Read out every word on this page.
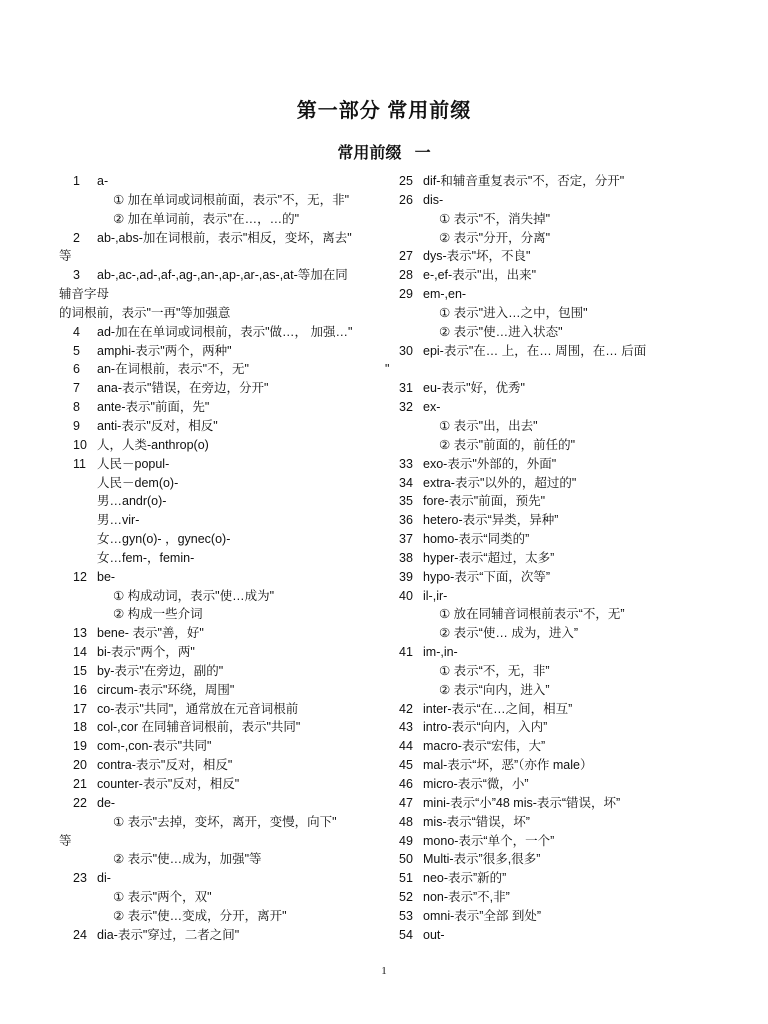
第一部分 常用前缀
常用前缀   一
1 a-
① 加在单词或词根前面，表示"不，无，非"
② 加在单词前，表示"在…，…的"
2 ab-,abs-加在词根前，表示"相反，变坏，离去"
等
3 ab-,ac-,ad-,af-,ag-,an-,ap-,ar-,as-,at-等加在同
辅音字母
的词根前，表示"一再"等加强意
4 ad-加在在单词或词根前，表示"做…， 加强…"
5 amphi-表示"两个，两种"
6 an-在词根前，表示"不，无"
7 ana-表示"错误，在旁边，分开"
8 ante-表示"前面，先"
9 anti-表示"反对，相反"
10 人，人类-anthrop(o)
11 人民－popul-
人民－dem(o)-
男…andr(o)-
男…vir-
女…gyn(o)- ，gynec(o)-
女…fem-，femin-
12 be-
① 构成动词，表示"使…成为"
② 构成一些介词
13 bene- 表示"善，好"
14 bi-表示"两个，两"
15 by-表示"在旁边，副的"
16 circum-表示"环绕，周围"
17 co-表示"共同"，通常放在元音词根前
18 col-,cor 在同辅音词根前，表示"共同"
19 com-,con-表示"共同"
20 contra-表示"反对，相反"
21 counter-表示"反对，相反"
22 de-
① 表示"去掉，变坏，离开，变慢，向下"
等
② 表示"使…成为，加强"等
23 di-
① 表示"两个，双"
② 表示"使…变成，分开，离开"
24 dia-表示"穿过，二者之间"
25 dif-和辅音重复表示"不，否定，分开"
26 dis-
① 表示"不，消失掉"
② 表示"分开，分离"
27 dys-表示"坏，不良"
28 e-,ef-表示"出，出来"
29 em-,en-
① 表示"进入…之中，包围"
② 表示"使…进入状态"
30 epi-表示"在… 上，在… 周围，在… 后面
"
31 eu-表示"好，优秀"
32 ex-
① 表示"出，出去"
② 表示"前面的，前任的"
33 exo-表示"外部的，外面"
34 extra-表示"以外的，超过的"
35 fore-表示"前面，预先"
36 hetero-表示“异类，异种”
37 homo-表示“同类的”
38 hyper-表示“超过，太多”
39 hypo-表示“下面，次等”
40 il-,ir-
① 放在同辅音词根前表示“不，无”
② 表示“使… 成为，进入”
41 im-,in-
① 表示“不，无，非”
② 表示“向内，进入”
42 inter-表示“在…之间，相互”
43 intro-表示“向内，入内”
44 macro-表示“宏伟，大”
45 mal-表示“坏，恶”（亦作 male）
46 micro-表示“微，小”
47 mini-表示“小”48 mis-表示“错误，坏”
48 mis-表示“错误，坏”
49 mono-表示“单个，一个”
50 Multi-表示”很多,很多”
51 neo-表示”新的”
52 non-表示”不,非”
53 omni-表示”全部 到处”
54 out-
1
